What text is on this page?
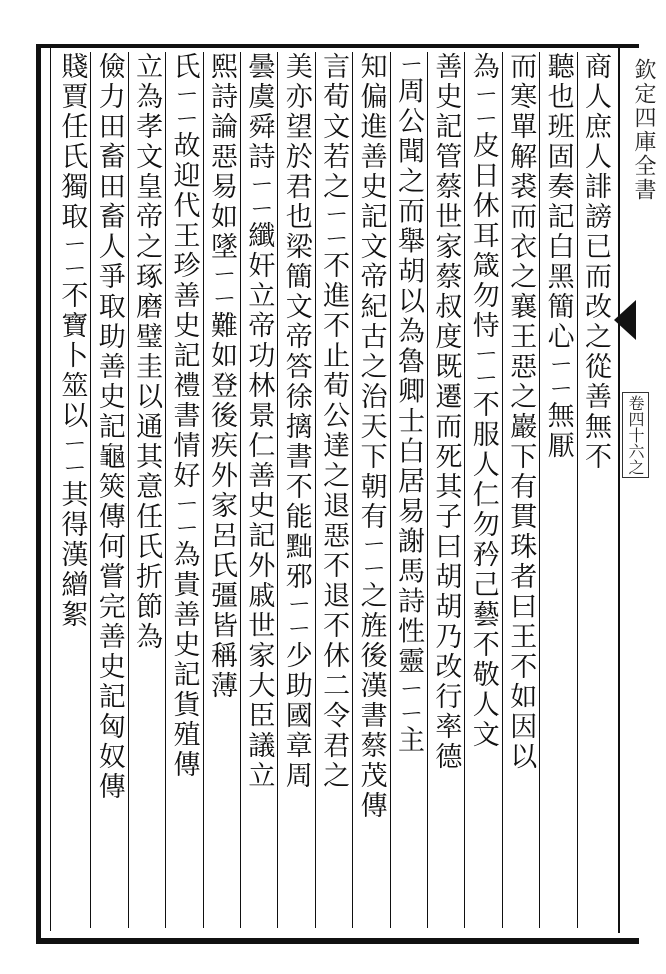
欽定四庫全書
卷四十六之
商人庶人誹謗已而改之從善無不
聽也班固奏記白黑簡心ㄧㄧ無厭
而寒單解裘而衣之襄王惡之巖下有貫珠者曰王不如因以
為ㄧㄧ皮日休耳箴勿恃ㄧㄧ不服人仁勿矜己藝不敬人文
善史記管蔡世家蔡叔度既遷而死其子曰胡胡乃改行率德
ㄧ周公聞之而舉胡以為魯卿士白居易謝馬詩性靈ㄧㄧ主
知偏進善史記文帝紀古之治天下朝有ㄧㄧ之旌後漢書蔡茂傳
言荀文若之ㄧㄧ不進不止荀公達之退惡不退不休二令君之
美亦望於君也梁簡文帝答徐摛書不能黜邪ㄧㄧ少助國章周
曇虞舜詩ㄧㄧ纖奸立帝功林景仁善史記外戚世家大臣議立
熙詩論惡易如墜ㄧㄧ難如登後疾外家呂氏彊皆稱薄
氏ㄧㄧ故迎代王珍善史記禮書情好ㄧㄧ為貴善史記貨殖傳
立為孝文皇帝之琢磨璧圭以通其意任氏折節為
儉力田畜田畜人爭取助善史記龜筴傳何嘗完善史記匈奴傳
賤賈任氏獨取ㄧㄧ不寶卜筮以ㄧㄧ其得漢繒絮
